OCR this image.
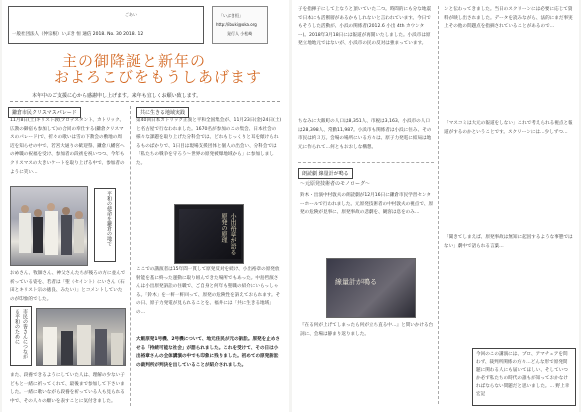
ごあい
一般社団法人（仲宗根）いぶき 恒 通信 2018. No. 30 2018. 12
「いぶき恒」
http://ibuki@oka.org
発行人 小松崎
主の御降誕と新年の
およろこびをもうしあげます
本年中のご支援に心から感謝申し上げます。来年も宜しくお願い致します。
鎌倉市民クリスマスパレード
11月8日(土)キリスト教(プロテスタント、カトリック、広教の御宿も参加して)の合同の奉仕する(鎌倉クリスマスのパレード)で、折々の歌いは雪の下教会の敷地の周辺を知らせの中で、若宮大通りの歓迎祭、鎌倉八幡宮への神職の祝福を受け、参加者の段祓を祝いつつ、今年もクリスマスの大きいケートを取り上げる中で、参加者のように笑い…
平和の使命を鎌倉の地で
おめさん、牧師さん、神父さんたちが後ろの方に並んで祈っている姿を、若者は「聖（セイント）にいさん（石田とキリスト宗の徳良、みたい）」とコメントしていたのが印象的でした。
市民の皆さんにつながる平和のために
また、段養できるようにしていた人は、理解の少ない子どもと一緒に祈ってくれて、最後まで参加して下さいました。一緒に歌いながら段養を祈っている人も見られる中で、その人々の願いを表すことに気付きました。
共に生きる地域実践
第40回日本カトリック正義と平和全国集会が、11月23日(金)24日(土)と名古屋で行なわれました。1670名が参加のこの集会、日本社会の様々な課題を取り上げた分科会では、どれもじっくりと耳を傾けられるものばかりで、1日目は現場支援団体と個人の出会い、分科会では「私たちの戦争を守ろう〜世界の原発被爆地域から」に参加しました。
小出裕章が語る原発の原理
ここでの講演者は15年間一貫して原発反対を続け、小出裕章の原発放射能を基に終った運動に取り組んできた場所でもあった。中島哲演さんは小出原発訴訟の住職で、ご自身と何年も聖職の紹介にいらっしゃる。「鈴木」を一軒一軒回って、原発の危険性を訴えておられます。その日、原子力発電が見られることを、福井には「共に生きる地域」の…
大飯原発1号機、2号機について、地元住民が元の訴訟。原発を止めさせる「持続可能な社会」が語られました。これを受けて、その日は小出裕章さんの全体講演の中でも印象に残りました。初めての原発訴訟の裁判所が判決を出していることが紹介されました。
子を指揮子にして上なうと頂いていた二つ。時間的にも分な地震で日本にも活断層があるかもしれないと言われています。今日でもそうした活動が、小浜の関係者(2012.6 小出 4th カウンター)。2018年3月18日には報道が再開いたしました。小浜市は原発立地地元ではないが、小浜市の民の反対は強まっています。
ちなみに大飯町の人口は8,351人、市税は3,163、小浜市の人口は28,398人、常勤11,987。小浜市も関係者は小浜に住み、その市民は約３万。会場の場所にいる方々は、原子力発電に結局は地元に作られて…何ともおおしな構想。
ンと伝わってきました。当日のスクリーンには必要に応じて資料が映し出されました。データを読みながら、法的にまだ事実上その他の問題点を指摘されていることがあるので…
「マスコミは大元の報道をしない」これで考えられる視点と報道がするのかということです。スクリーンには…少しずつ…
朗読劇 線量計が鳴る
〜元原発技術者のモノローグ〜
鈴木・出演中村敦夫の朗読劇が12月16日に鎌倉市民学習センターホールで行われました。元原発技術者の中村敦夫の視点で、原発の危険が見事に、原発事故の悲劇を、観客は息をのみ…
線量計が鳴る
『在る何が上げてしまったら何が立ち直る中…』と問いかける台詞に、会場は静まり返りました。
「聞きてしまえば、原発事故は無知に起因するような事態ではない」劇中で語られる言葉…
今回のこの講演には、プロ、アマチュアを問わず、裁判所関係の方々…どんな形で原発問題に関わる人にも届いてほしい、そしていつか必ず私たちの時代の誰もが知っておかなければならない問題だと思いました。… 野上幸宏記
